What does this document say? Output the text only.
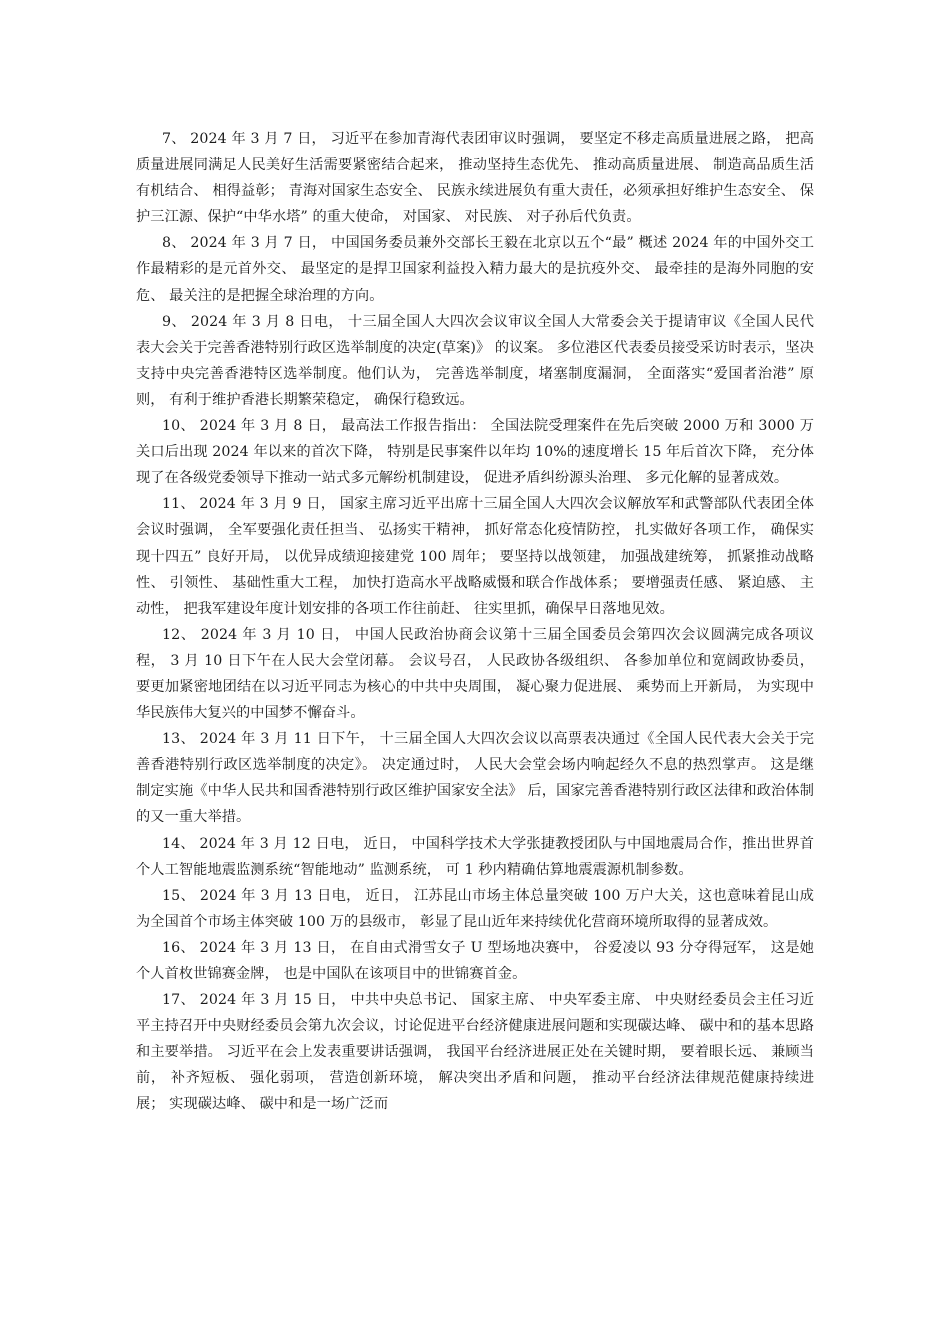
7、 2024 年 3 月 7 日， 习近平在参加青海代表团审议时强调， 要坚定不移走高质量进展之路， 把高质量进展同满足人民美好生活需要紧密结合起来， 推动坚持生态优先、 推动高质量进展、 制造高品质生活有机结合、 相得益彰； 青海对国家生态安全、 民族永续进展负有重大责任，必须承担好维护生态安全、 保护三江源、保护“中华水塔” 的重大使命， 对国家、 对民族、 对子孙后代负责。

8、 2024 年 3 月 7 日， 中国国务委员兼外交部长王毅在北京以五个“最” 概述 2024 年的中国外交工作最精彩的是元首外交、 最坚定的是捍卫国家利益投入精力最大的是抗疫外交、 最牵挂的是海外同胞的安危、 最关注的是把握全球治理的方向。

9、 2024 年 3 月 8 日电， 十三届全国人大四次会议审议全国人大常委会关于提请审议《全国人民代表大会关于完善香港特别行政区选举制度的决定(草案)》 的议案。 多位港区代表委员接受采访时表示，坚决支持中央完善香港特区选举制度。他们认为， 完善选举制度，堵塞制度漏洞， 全面落实“爱国者治港” 原则， 有利于维护香港长期繁荣稳定， 确保行稳致远。

10、 2024 年 3 月 8 日， 最高法工作报告指出： 全国法院受理案件在先后突破 2000 万和 3000 万关口后出现 2024 年以来的首次下降， 特别是民事案件以年均 10%的速度增长 15 年后首次下降， 充分体现了在各级党委领导下推动一站式多元解纷机制建设， 促进矛盾纠纷源头治理、 多元化解的显著成效。

11、 2024 年 3 月 9 日， 国家主席习近平出席十三届全国人大四次会议解放军和武警部队代表团全体会议时强调， 全军要强化责任担当、 弘扬实干精神， 抓好常态化疫情防控， 扎实做好各项工作， 确保实现十四五” 良好开局， 以优异成绩迎接建党 100 周年； 要坚持以战领建， 加强战建统筹， 抓紧推动战略性、 引领性、 基础性重大工程， 加快打造高水平战略威慑和联合作战体系； 要增强责任感、 紧迫感、 主动性， 把我军建设年度计划安排的各项工作往前赶、 往实里抓，确保早日落地见效。

12、 2024 年 3 月 10 日， 中国人民政治协商会议第十三届全国委员会第四次会议圆满完成各项议程， 3 月 10 日下午在人民大会堂闭幕。 会议号召， 人民政协各级组织、 各参加单位和宽阔政协委员， 要更加紧密地团结在以习近平同志为核心的中共中央周围， 凝心聚力促进展、 乘势而上开新局， 为实现中华民族伟大复兴的中国梦不懈奋斗。

13、 2024 年 3 月 11 日下午， 十三届全国人大四次会议以高票表决通过《全国人民代表大会关于完善香港特别行政区选举制度的决定》。 决定通过时， 人民大会堂会场内响起经久不息的热烈掌声。 这是继制定实施《中华人民共和国香港特别行政区维护国家安全法》 后，国家完善香港特别行政区法律和政治体制的又一重大举措。

14、 2024 年 3 月 12 日电， 近日， 中国科学技术大学张捷教授团队与中国地震局合作，推出世界首个人工智能地震监测系统“智能地动” 监测系统， 可 1 秒内精确估算地震震源机制参数。

15、 2024 年 3 月 13 日电， 近日， 江苏昆山市场主体总量突破 100 万户大关，这也意味着昆山成为全国首个市场主体突破 100 万的县级市， 彰显了昆山近年来持续优化营商环境所取得的显著成效。

16、 2024 年 3 月 13 日， 在自由式滑雪女子 U 型场地决赛中， 谷爱凌以 93 分夺得冠军， 这是她个人首枚世锦赛金牌， 也是中国队在该项目中的世锦赛首金。

17、 2024 年 3 月 15 日， 中共中央总书记、 国家主席、 中央军委主席、 中央财经委员会主任习近平主持召开中央财经委员会第九次会议，讨论促进平台经济健康进展问题和实现碳达峰、 碳中和的基本思路和主要举措。 习近平在会上发表重要讲话强调， 我国平台经济进展正处在关键时期， 要着眼长远、 兼顾当前， 补齐短板、 强化弱项， 营造创新环境， 解决突出矛盾和问题， 推动平台经济法律规范健康持续进展； 实现碳达峰、 碳中和是一场广泛而
